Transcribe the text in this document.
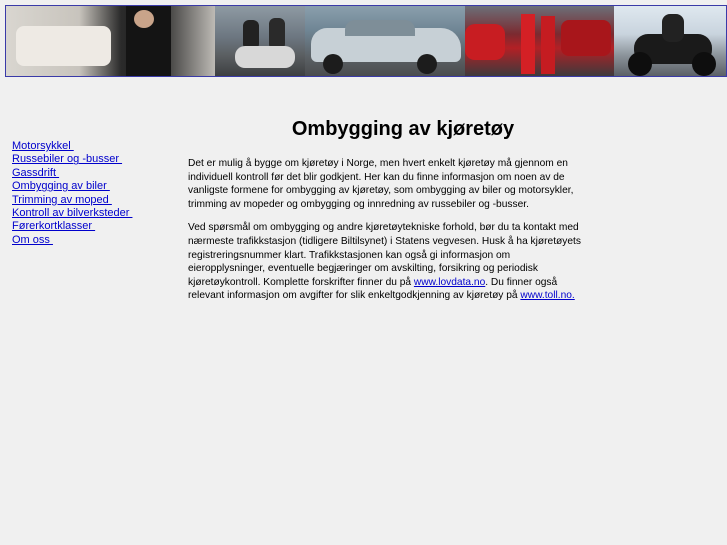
Motorsykkel
Russebiler og -busser
Gassdrift
Ombygging av biler
Trimming av moped
Kontroll av bilverksteder
Førerkortklasser
Om oss
Ombygging av kjøretøy

Det er mulig å bygge om kjøretøy i Norge, men hvert enkelt kjøretøy må gjennom en individuell kontroll før det blir godkjent. Her kan du finne informasjon om noen av de vanligste formene for ombygging av kjøretøy, som ombygging av biler og motorsykler, trimming av mopeder og ombygging og innredning av russebiler og -busser.

Ved spørsmål om ombygging og andre kjøretøytekniske forhold, bør du ta kontakt med nærmeste trafikkstasjon (tidligere Biltilsynet) i Statens vegvesen. Husk å ha kjøretøyets registreringsnummer klart. Trafikkstasjonen kan også gi informasjon om eieropplysninger, eventuelle begjæringer om avskilting, forsikring og periodisk kjøretøykontroll. Komplette forskrifter finner du på www.lovdata.no. Du finner også relevant informasjon om avgifter for slik enkeltgodkjenning av kjøretøy på www.toll.no.
